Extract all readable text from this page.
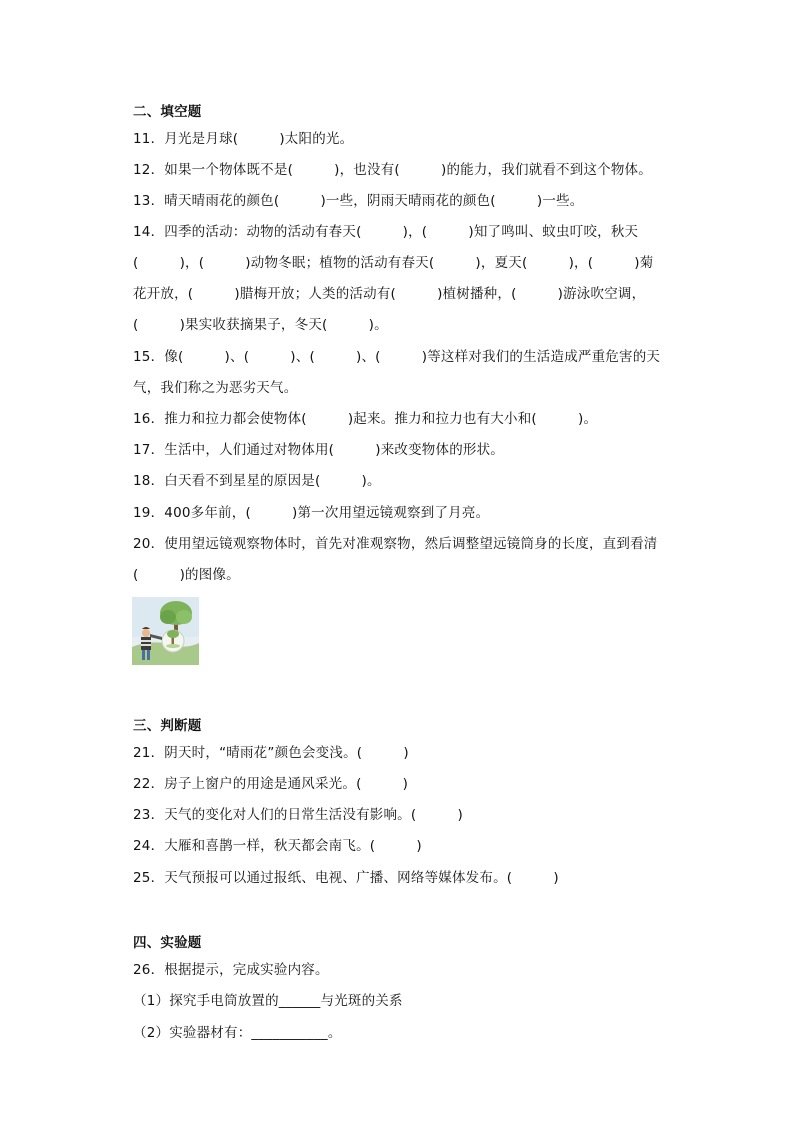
二、填空题
11．月光是月球(　　　)太阳的光。
12．如果一个物体既不是(　　　)，也没有(　　　)的能力，我们就看不到这个物体。
13．晴天晴雨花的颜色(　　　)一些，阴雨天晴雨花的颜色(　　　)一些。
14．四季的活动：动物的活动有春天(　　　)，(　　　)知了鸣叫、蚊虫叮咬，秋天
(　　　)，(　　　)动物冬眠；植物的活动有春天(　　　)，夏天(　　　)，(　　　)菊
花开放，(　　　)腊梅开放；人类的活动有(　　　)植树播种，(　　　)游泳吹空调，
(　　　)果实收获摘果子，冬天(　　　)。
15．像(　　　)、(　　　)、(　　　)、(　　　)等这样对我们的生活造成严重危害的天
气，我们称之为恶劣天气。
16．推力和拉力都会使物体(　　　)起来。推力和拉力也有大小和(　　　)。
17．生活中，人们通过对物体用(　　　)来改变物体的形状。
18．白天看不到星星的原因是(　　　)。
19．400多年前，(　　　)第一次用望远镜观察到了月亮。
20．使用望远镜观察物体时，首先对准观察物，然后调整望远镜筒身的长度，直到看清
(　　　)的图像。
三、判断题
21．阴天时，“晴雨花”颜色会变浅。(　　　)
22．房子上窗户的用途是通风采光。(　　　)
23．天气的变化对人们的日常生活没有影响。(　　　)
24．大雁和喜鹊一样，秋天都会南飞。(　　　)
25．天气预报可以通过报纸、电视、广播、网络等媒体发布。(　　　)
四、实验题
26．根据提示，完成实验内容。
（1）探究手电筒放置的______与光斑的关系
（2）实验器材有：___________。
